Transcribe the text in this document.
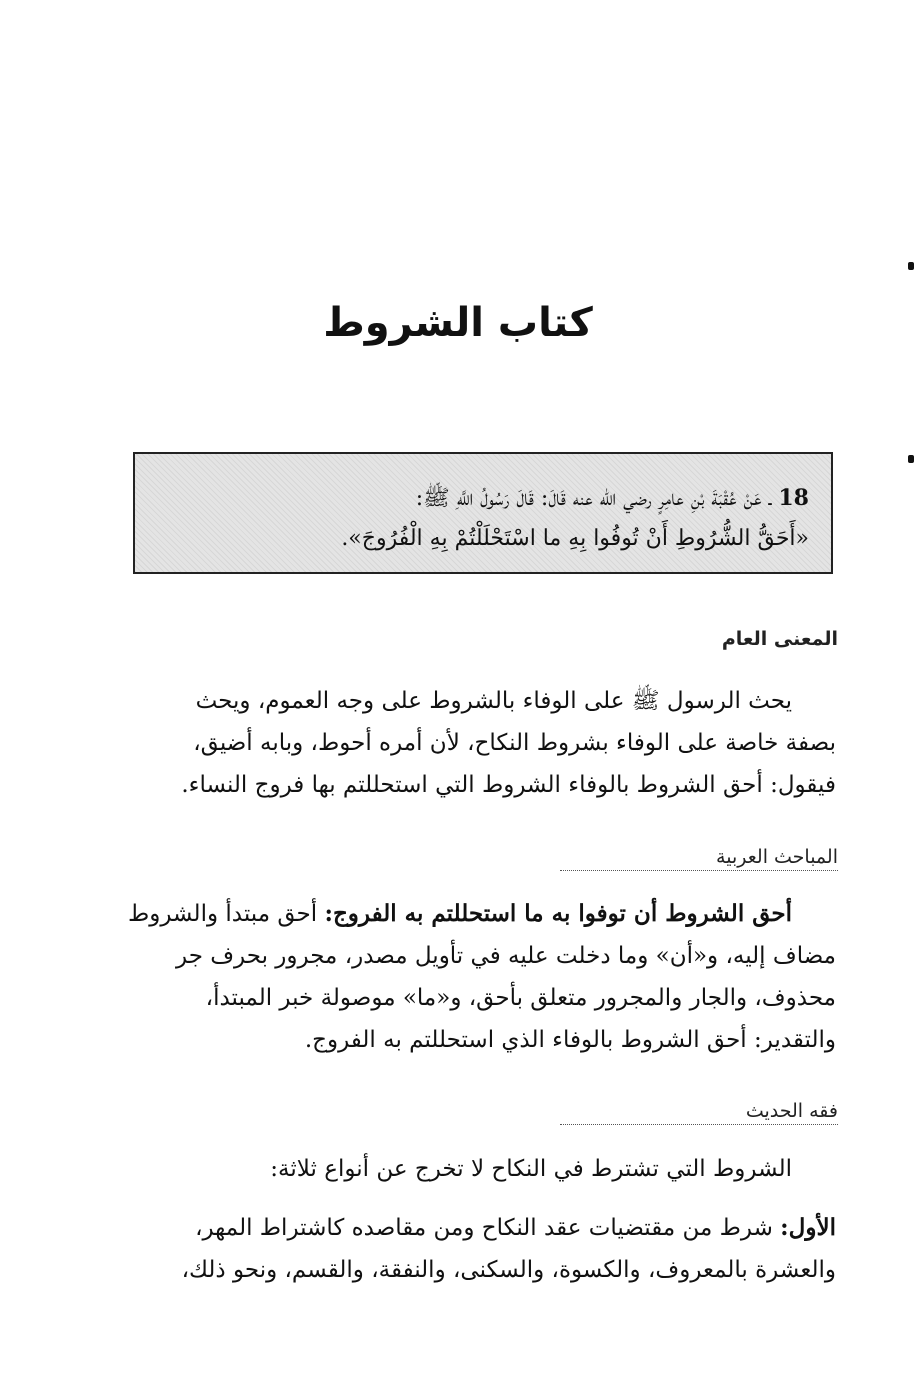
كتاب الشروط
18 ـ عَنْ عُقْبَةَ بْنِ عامِرٍ رضي الله عنه قَالَ: قَالَ رَسُولُ اللَّهِ ﷺ:
«أَحَقُّ الشُّرُوطِ أَنْ تُوفُوا بِهِ ما اسْتَحْلَلْتُمْ بِهِ الْفُرُوجَ».
المعنى العام
يحث الرسول ﷺ على الوفاء بالشروط على وجه العموم، ويحث
بصفة خاصة على الوفاء بشروط النكاح، لأن أمره أحوط، وبابه أضيق،
فيقول: أحق الشروط بالوفاء الشروط التي استحللتم بها فروج النساء.
المباحث العربية
أحق الشروط أن توفوا به ما استحللتم به الفروج: أحق مبتدأ والشروط
مضاف إليه، و«أن» وما دخلت عليه في تأويل مصدر، مجرور بحرف جر
محذوف، والجار والمجرور متعلق بأحق، و«ما» موصولة خبر المبتدأ،
والتقدير: أحق الشروط بالوفاء الذي استحللتم به الفروج.
فقه الحديث
الشروط التي تشترط في النكاح لا تخرج عن أنواع ثلاثة:
الأول: شرط من مقتضيات عقد النكاح ومن مقاصده كاشتراط المهر،
والعشرة بالمعروف، والكسوة، والسكنى، والنفقة، والقسم، ونحو ذلك،
